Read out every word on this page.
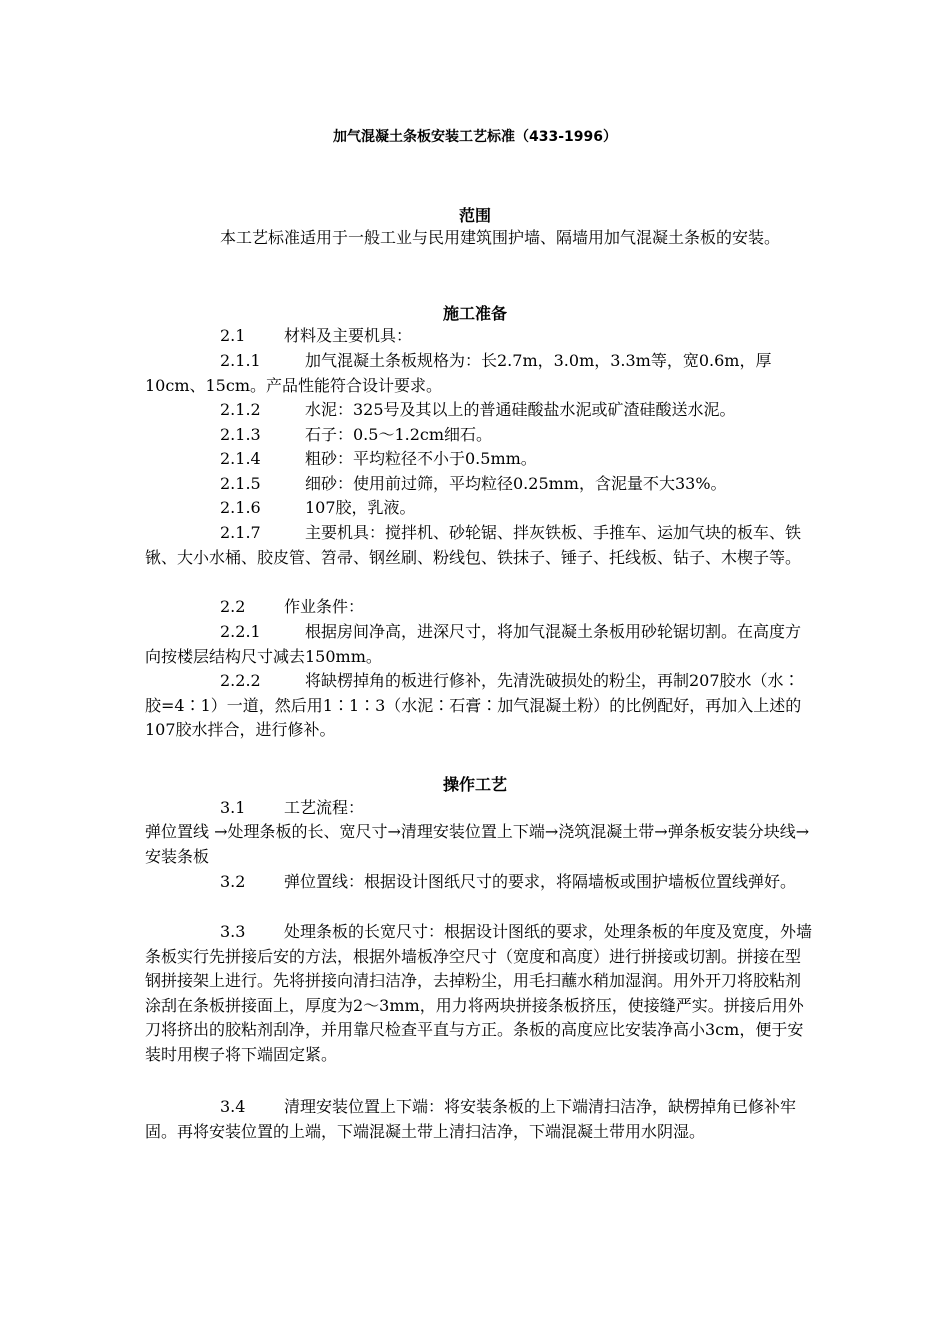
加气混凝土条板安装工艺标准（433-1996）
范围

本工艺标准适用于一般工业与民用建筑围护墙、隔墙用加气混凝土条板的安装。

施工准备

2.1 材料及主要机具：

2.1.1	加气混凝土条板规格为：长2.7m，3.0m，3.3m等，宽0.6m，厚10cm、15cm。产品性能符合设计要求。

2.1.2	水泥：325号及其以上的普通硅酸盐水泥或矿渣硅酸送水泥。

2.1.3	石子：0.5～1.2cm细石。

2.1.4	粗砂：平均粒径不小于0.5mm。

2.1.5	细砂：使用前过筛，平均粒径0.25mm，含泥量不大33%。

2.1.6	107胶，乳液。

2.1.7	主要机具：搅拌机、砂轮锯、拌灰铁板、手推车、运加气块的板车、铁锹、大小水桶、胶皮管、笤帚、钢丝刷、粉线包、铁抹子、锤子、托线板、钻子、木楔子等。

2.2 作业条件：

2.2.1	根据房间净高，进深尺寸，将加气混凝土条板用砂轮锯切割。在高度方向按楼层结构尺寸减去150mm。

2.2.2	将缺楞掉角的板进行修补，先清洗破损处的粉尘，再制207胶水（水∶胶=4∶1）一道，然后用1∶1∶3（水泥∶石膏∶加气混凝土粉）的比例配好，再加入上述的107胶水拌合，进行修补。

操作工艺

3.1 工艺流程：

弹位置线 →处理条板的长、宽尺寸→清理安装位置上下端→浇筑混凝土带→弹条板安装分块线→安装条板

3.2 弹位置线：根据设计图纸尺寸的要求，将隔墙板或围护墙板位置线弹好。

3.3 处理条板的长宽尺寸：根据设计图纸的要求，处理条板的年度及宽度，外墙条板实行先拼接后安的方法，根据外墙板净空尺寸（宽度和高度）进行拼接或切割。拼接在型钢拼接架上进行。先将拼接向清扫洁净，去掉粉尘，用毛扫蘸水稍加湿润。用外开刀将胶粘剂涂刮在条板拼接面上，厚度为2～3mm，用力将两块拼接条板挤压，使接缝严实。拼接后用外刀将挤出的胶粘剂刮净，并用靠尺检查平直与方正。条板的高度应比安装净高小3cm，便于安装时用楔子将下端固定紧。

3.4 清理安装位置上下端：将安装条板的上下端清扫洁净，缺楞掉角已修补牢固。再将安装位置的上端，下端混凝土带上清扫洁净，下端混凝土带用水阴湿。
